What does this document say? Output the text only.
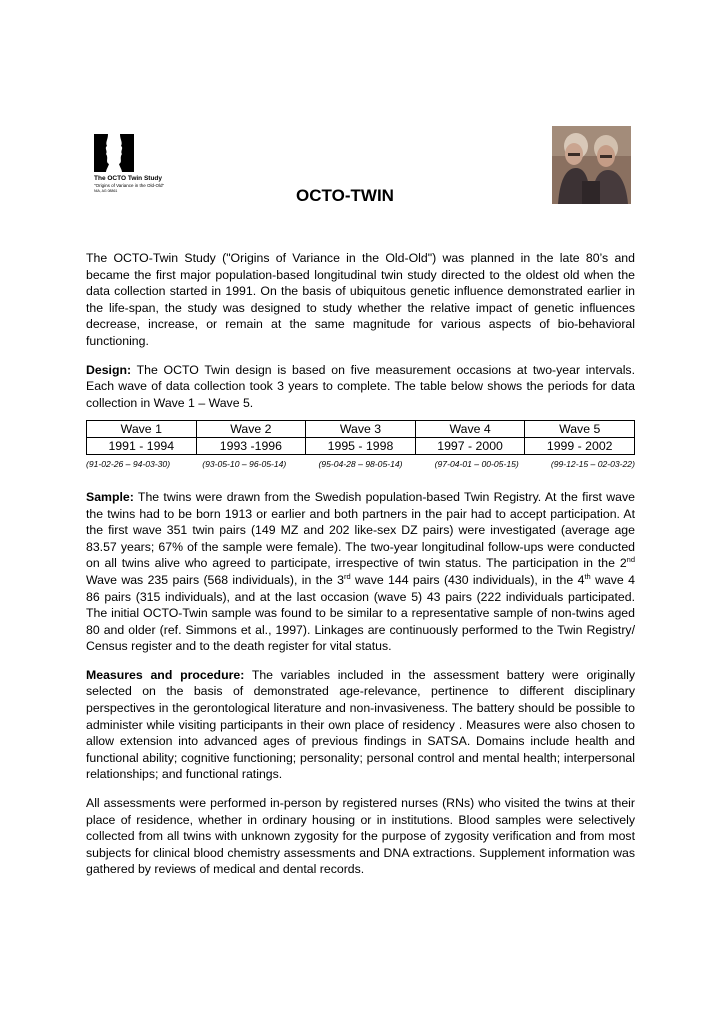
The OCTO Twin Study
"Origins of Variance in the Old-Old"
NIA, AG 08861	OCTO-TWIN

The OCTO-Twin Study ("Origins of Variance in the Old-Old") was planned in the late 80’s and became the first major population-based longitudinal twin study directed to the oldest old when the data collection started in 1991. On the basis of ubiquitous genetic influence demonstrated earlier in the life-span, the study was designed to study whether the relative impact of genetic influences decrease, increase, or remain at the same magnitude for various aspects of bio-behavioral functioning.

Design: The OCTO Twin design is based on five measurement occasions at two-year intervals. Each wave of data collection took 3 years to complete. The table below shows the periods for data collection in Wave 1 – Wave 5.

Wave 1	Wave 2	Wave 3	Wave 4	Wave 5
1991 - 1994	1993 -1996	1995 - 1998	1997 - 2000	1999 - 2002
(91-02-26 – 94-03-30)	(93-05-10 – 96-05-14)	(95-04-28 – 98-05-14)	(97-04-01 – 00-05-15)	(99-12-15 – 02-03-22)

Sample: The twins were drawn from the Swedish population-based Twin Registry. At the first wave the twins had to be born 1913 or earlier and both partners in the pair had to accept participation. At the first wave 351 twin pairs (149 MZ and 202 like-sex DZ pairs) were investigated (average age 83.57 years; 67% of the sample were female). The two-year longitudinal follow-ups were conducted on all twins alive who agreed to participate, irrespective of twin status. The participation in the 2nd Wave was 235 pairs (568 individuals), in the 3rd wave 144 pairs (430 individuals), in the 4th wave 4 86 pairs (315 individuals), and at the last occasion (wave 5) 43 pairs (222 individuals participated. The initial OCTO-Twin sample was found to be similar to a representative sample of non-twins aged 80 and older (ref. Simmons et al., 1997). Linkages are continuously performed to the Twin Registry/ Census register and to the death register for vital status.

Measures and procedure: The variables included in the assessment battery were originally selected on the basis of demonstrated age-relevance, pertinence to different disciplinary perspectives in the gerontological literature and non-invasiveness. The battery should be possible to administer while visiting participants in their own place of residency . Measures were also chosen to allow extension into advanced ages of previous findings in SATSA. Domains include health and functional ability; cognitive functioning; personality; personal control and mental health; interpersonal relationships; and functional ratings.

All assessments were performed in-person by registered nurses (RNs) who visited the twins at their place of residence, whether in ordinary housing or in institutions. Blood samples were selectively collected from all twins with unknown zygosity for the purpose of zygosity verification and from most subjects for clinical blood chemistry assessments and DNA extractions. Supplement information was gathered by reviews of medical and dental records.
